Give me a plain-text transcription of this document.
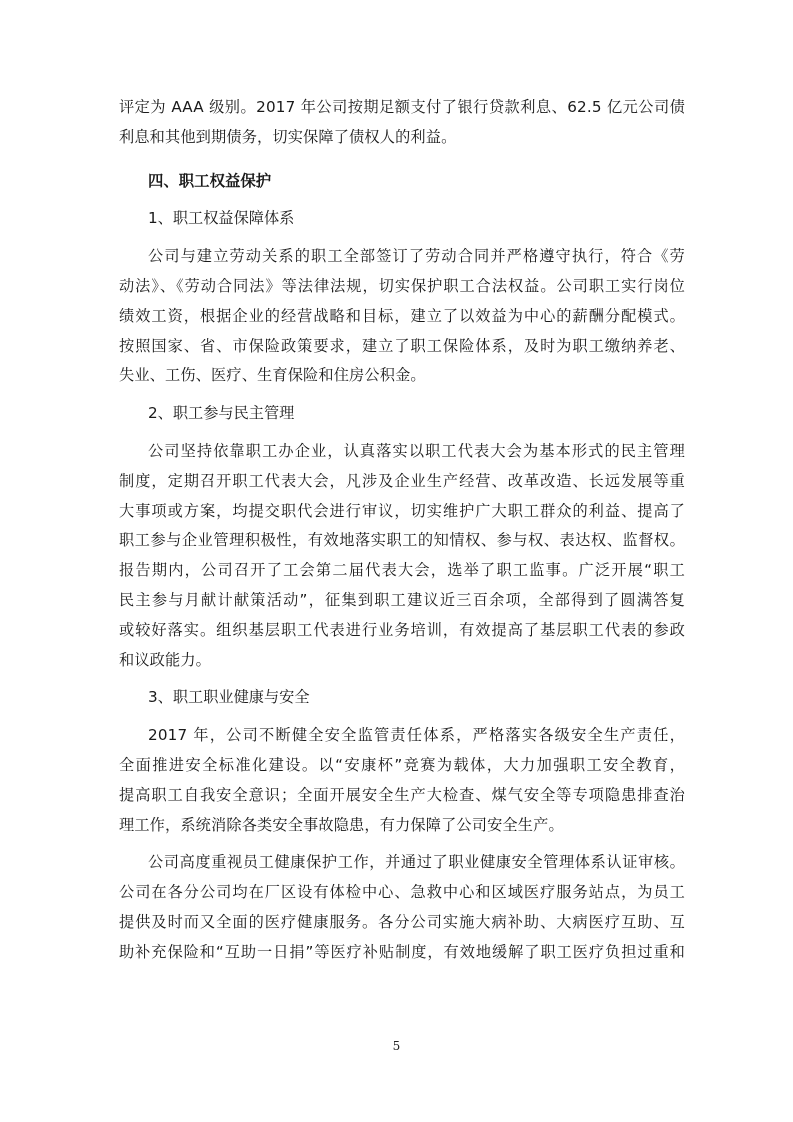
评定为 AAA 级别。2017 年公司按期足额支付了银行贷款利息、62.5 亿元公司债
利息和其他到期债务，切实保障了债权人的利益。
四、职工权益保护
1、职工权益保障体系
公司与建立劳动关系的职工全部签订了劳动合同并严格遵守执行，符合《劳
动法》、《劳动合同法》等法律法规，切实保护职工合法权益。公司职工实行岗位
绩效工资，根据企业的经营战略和目标，建立了以效益为中心的薪酬分配模式。
按照国家、省、市保险政策要求，建立了职工保险体系，及时为职工缴纳养老、
失业、工伤、医疗、生育保险和住房公积金。
2、职工参与民主管理
公司坚持依靠职工办企业，认真落实以职工代表大会为基本形式的民主管理
制度，定期召开职工代表大会，凡涉及企业生产经营、改革改造、长远发展等重
大事项或方案，均提交职代会进行审议，切实维护广大职工群众的利益、提高了
职工参与企业管理积极性，有效地落实职工的知情权、参与权、表达权、监督权。
报告期内，公司召开了工会第二届代表大会，选举了职工监事。广泛开展“职工
民主参与月献计献策活动”，征集到职工建议近三百余项，全部得到了圆满答复
或较好落实。组织基层职工代表进行业务培训，有效提高了基层职工代表的参政
和议政能力。
3、职工职业健康与安全
2017 年，公司不断健全安全监管责任体系，严格落实各级安全生产责任，
全面推进安全标准化建设。以“安康杯”竞赛为载体，大力加强职工安全教育，
提高职工自我安全意识；全面开展安全生产大检查、煤气安全等专项隐患排查治
理工作，系统消除各类安全事故隐患，有力保障了公司安全生产。
公司高度重视员工健康保护工作，并通过了职业健康安全管理体系认证审核。
公司在各分公司均在厂区设有体检中心、急救中心和区域医疗服务站点，为员工
提供及时而又全面的医疗健康服务。各分公司实施大病补助、大病医疗互助、互
助补充保险和“互助一日捐”等医疗补贴制度，有效地缓解了职工医疗负担过重和
5
